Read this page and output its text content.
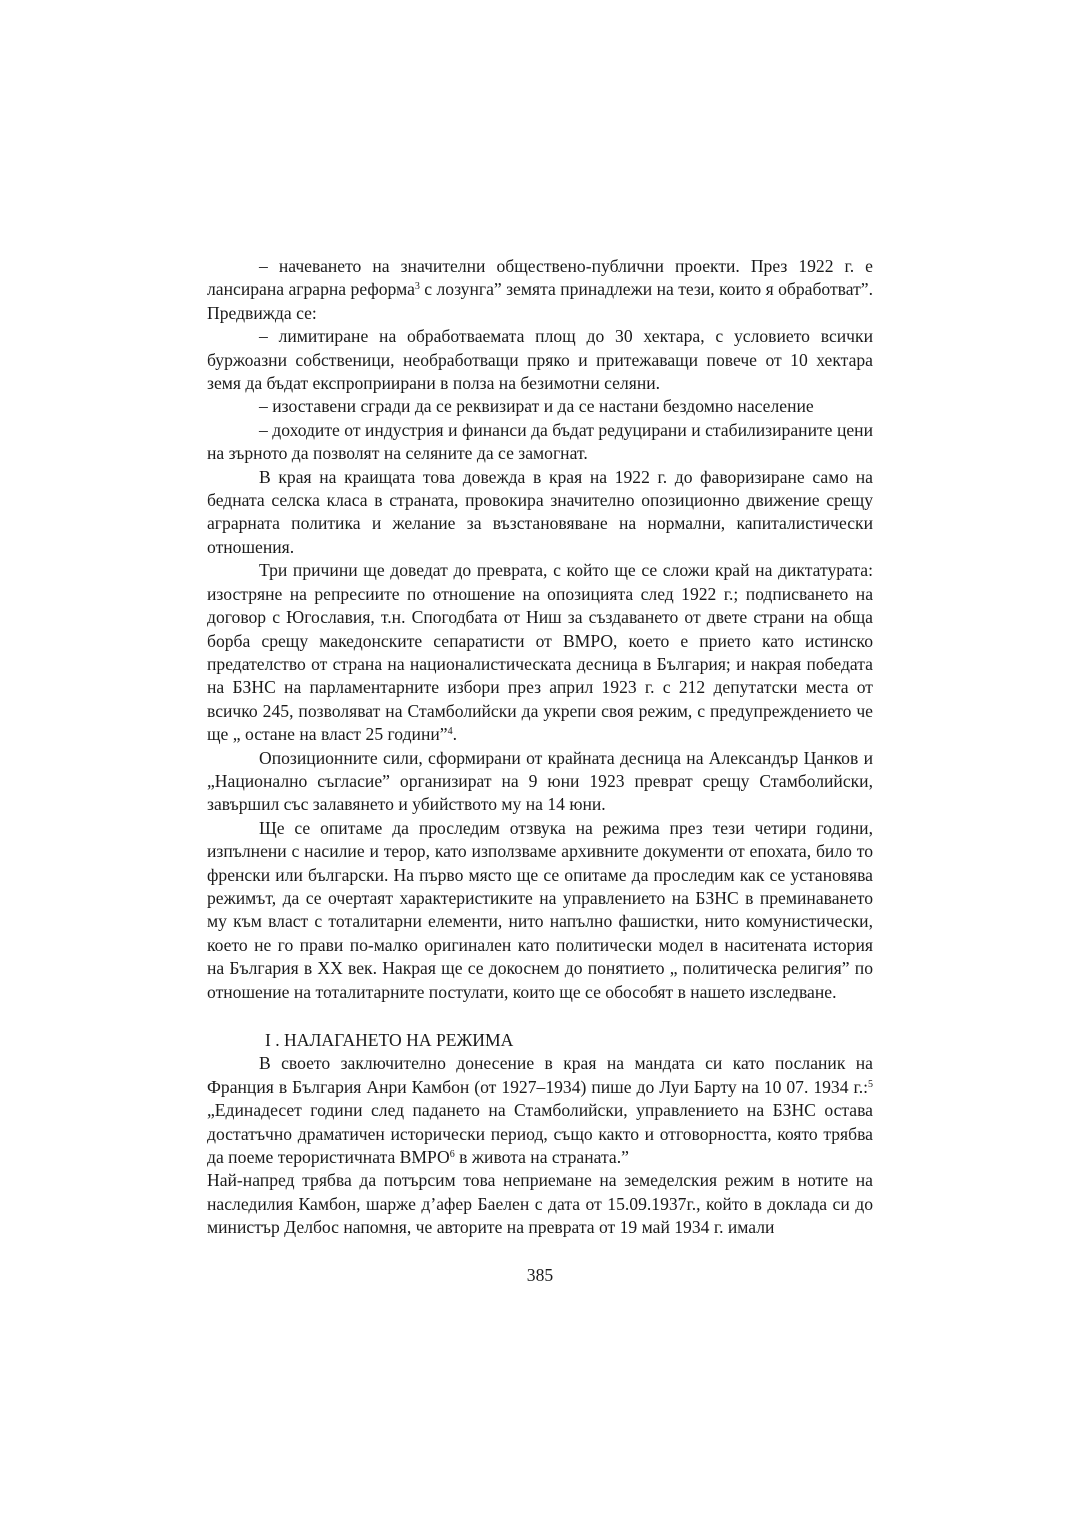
– начеването на значителни обществено-публични проекти. През 1922 г. е лансирана аграрна реформа$^3$ с лозунга” земята принадлежи на тези, които я обработват”. Предвижда се:

– лимитиране на обработваемата площ до 30 хектара, с условието всички буржоазни собственици, необработващи пряко и притежаващи повече от 10 хектара земя да бъдат експроприирани в полза на безимотни селяни.

– изоставени сгради да се реквизират и да се настани бездомно население

– доходите от индустрия и финанси да бъдат редуцирани и стабилизираните цени на зърното да позволят на селяните да се замогнат.

В края на краищата това довежда в края на 1922 г. до фаворизиране само на бедната селска класа в страната, провокира значително опозиционно движение срещу аграрната политика и желание за възстановяване на нормални, капиталистически отношения.

Три причини ще доведат до преврата, с който ще се сложи край на диктатурата: изостряне на репресиите по отношение на опозицията след 1922 г.; подписването на договор с Югославия, т.н. Спогодбата от Ниш за създаването от двете страни на обща борба срещу македонските сепаратисти от ВМРО, което е прието като истинско предателство от страна на националистическата десница в България; и накрая победата на БЗНС на парламентарните избори през април 1923 г. с 212 депутатски места от всичко 245, позволяват на Стамболийски да укрепи своя режим, с предупреждението че ще „ остане на власт 25 години”$^4$.

Опозиционните сили, сформирани от крайната десница на Александър Цанков и „Национално съгласие” организират на 9 юни 1923 преврат срещу Стамболийски, завършил със залавянето и убийството му на 14 юни.

Ще се опитаме да проследим отзвука на режима през тези четири години, изпълнени с насилие и терор, като използваме архивните документи от епохата, било то френски или български. На първо място ще се опитаме да проследим как се установява режимът, да се очертаят характеристиките на управлението на БЗНС в преминаването му към власт с тоталитарни елементи, нито напълно фашистки, нито комунистически, което не го прави по-малко оригинален като политически модел в наситената история на България в XX век. Накрая ще се докоснем до понятието „ политическа религия” по отношение на тоталитарните постулати, които ще се обособят в нашето изследване.

I . НАЛАГАНЕТО НА РЕЖИМА

В своето заключително донесение в края на мандата си като посланик на Франция в България Анри Камбон (от 1927–1934) пише до Луи Барту на 10 07. 1934 г.:$^5$ „Единадесет години след падането на Стамболийски, управлението на БЗНС остава достатъчно драматичен исторически период, също както и отговорността, която трябва да поеме терористичната ВМРО$^6$ в живота на страната.”

Най-напред трябва да потърсим това неприемане на земеделския режим в нотите на наследилия Камбон, шарже д’афер Баелен с дата от 15.09.1937г., който в доклада си до министър Делбос напомня, че авторите на преврата от 19 май 1934 г. имали

385
